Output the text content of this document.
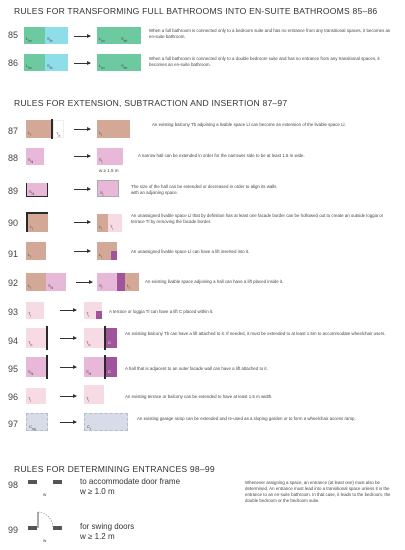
RULES FOR TRANSFORMING FULL BATHROOMS INTO EN-SUITE BATHROOMS 85–86
85 $L_{hv}$	$S_{fb}$	$L_{hv}$	$S_{eb}$
When a full bathroom is connected only to a bedroom suite and has no entrance from any transitional spaces, it becomes an en-suite bathroom.
86 $L_{hv}$	$S_{fb}$	$L_{hv}$	$S_{eb}$
When a full bathroom is connected only to a double bedroom suite and has no entrance from any transitional spaces, it becomes an en-suite bathroom.
RULES FOR EXTENSION, SUBTRACTION AND INSERTION 87–97
87	$L_l$	$T_b$
$L_l$
An existing balcony Tb adjoining a livable space Ll can become an extension of the livable space Ll.
88	$S_{hl}$	$S_l$
w ≥ 1.5 m
A narrow hall can be extended in order for the narrower side to be at least 1.5 m wide.
89	$S_{hl}$	$S_l$
The size of the hall can be extended or decreased in order to align its walls with an adjoining space.
90	$L_l$	$L_l$ $T_l$
An unassigned livable space Ll that by definition has at least one facade border can be hollowed out to create an outside loggia or terrace Tl by removing the facade border.
91	$L_l$	$L_l$
An unassigned livable space Ll can have a lift inserted into it.
92	$L_l$	$S_{hl}$	$S_l$	$L_l$
An existing livable space adjoining a hall can have a lift placed inside it.
93	$T_l$	$T_l$
A terrace or loggia Tl can have a lift C placed within it.
94	$T_b$	$T_b$	C
An existing balcony Tb can have a lift attached to it. If needed, it must be extended to at least 1.5m to accommodate wheelchair users.
95	$S_{hl}$	$S_{hl}$	C
A hall that is adjacent to an outer facade wall can have a lift attached to it.
96	$T_l$	$T_l$
An existing terrace or balcony can be extended to have at least 1.5 m width.
97	$C_{ng}$	$C_r$
An existing garage ramp can be extended and re-used as a sloping garden or to form a wheelchair access ramp.
RULES FOR DETERMINING ENTRANCES 98–99
98
w
to accommodate door frame
w ≥ 1.0 m
99
w
for swing doors
w ≥ 1.2 m
Whenever assigning a space, an entrance (at least one) must also be determined. An entrance must lead into a transitional space unless it is the entrance to an en-suite bathroom. In that case, it leads to the bedroom, the double bedroom or the bedroom suite.
